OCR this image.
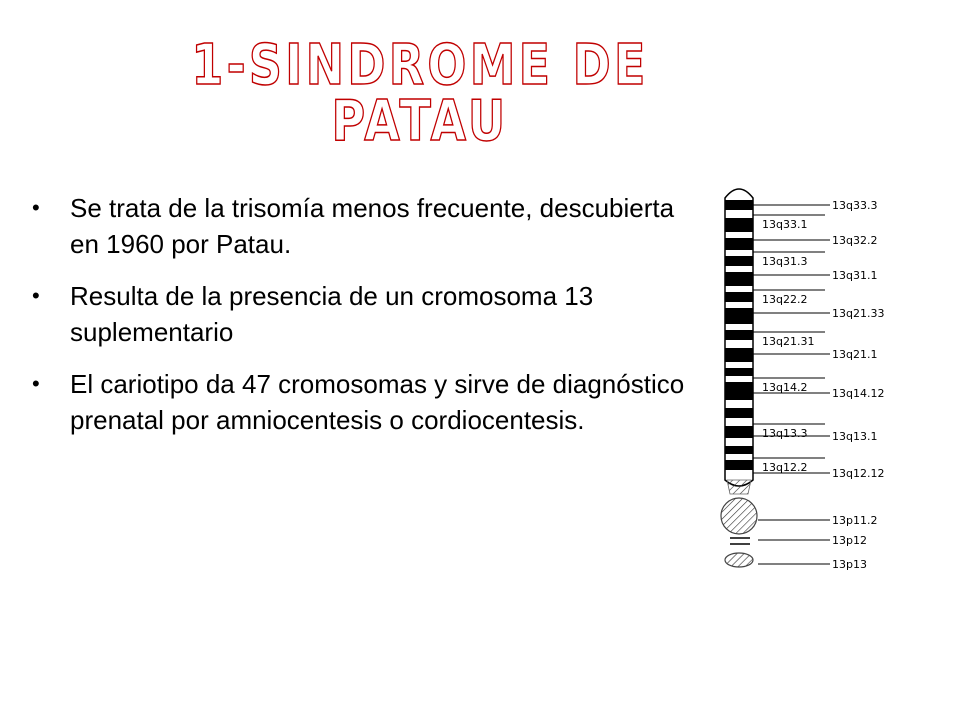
1-SINDROME DE PATAU
• Se trata de la trisomía menos frecuente, descubierta en 1960 por Patau.
• Resulta de la presencia de un cromosoma 13 suplementario
• El cariotipo da 47 cromosomas y sirve de diagnóstico prenatal por amniocentesis o cordiocentesis.
13q33.1
13q31.3
13q22.2
13q21.31
13q14.2
13q13.3
13q12.2
13q33.3
13q32.2
13q31.1
13q21.33
13q21.1
13q14.12
13q13.1
13q12.12
13p11.2
13p12
13p13
